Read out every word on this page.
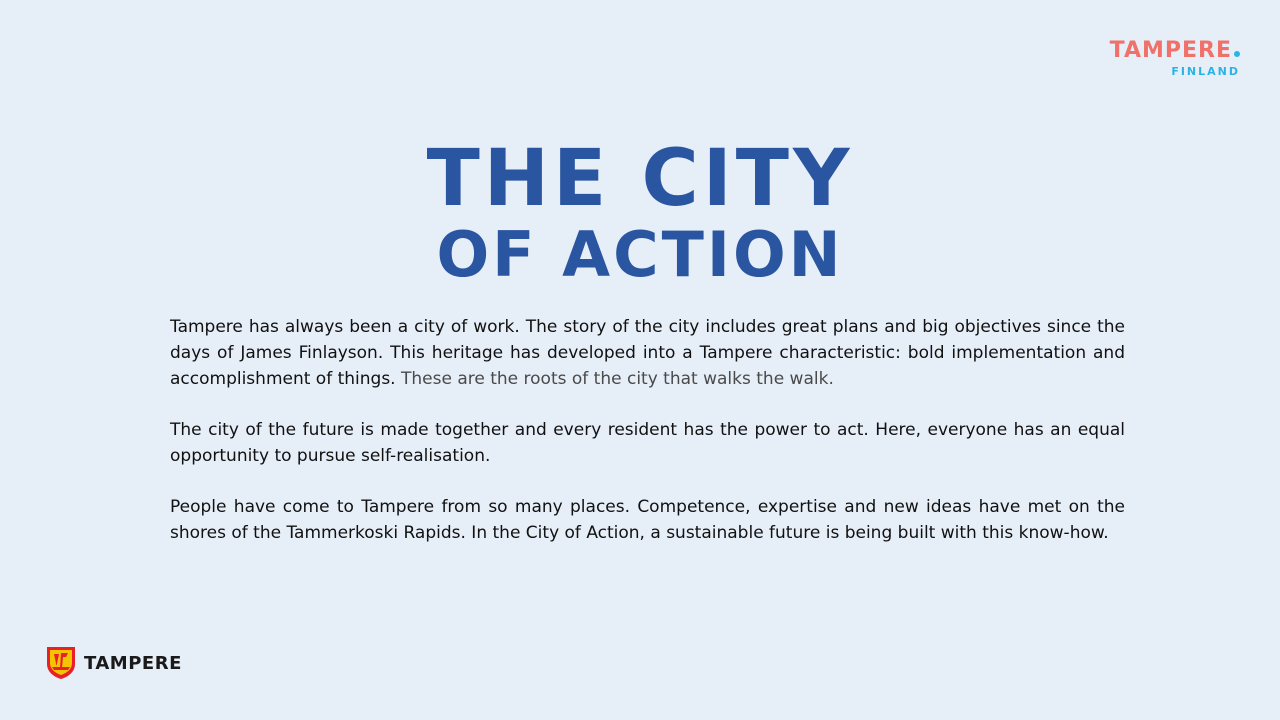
TAMPERE
FINLAND
THE CITY
OF ACTION

Tampere has always been a city of work. The story of the city includes great plans and big objectives since the days of James Finlayson. This heritage has developed into a Tampere characteristic: bold implementation and accomplishment of things. These are the roots of the city that walks the walk.

The city of the future is made together and every resident has the power to act. Here, everyone has an equal opportunity to pursue self-realisation.

People have come to Tampere from so many places. Competence, expertise and new ideas have met on the shores of the Tammerkoski Rapids. In the City of Action, a sustainable future is being built with this know-how.

TAMPERE
